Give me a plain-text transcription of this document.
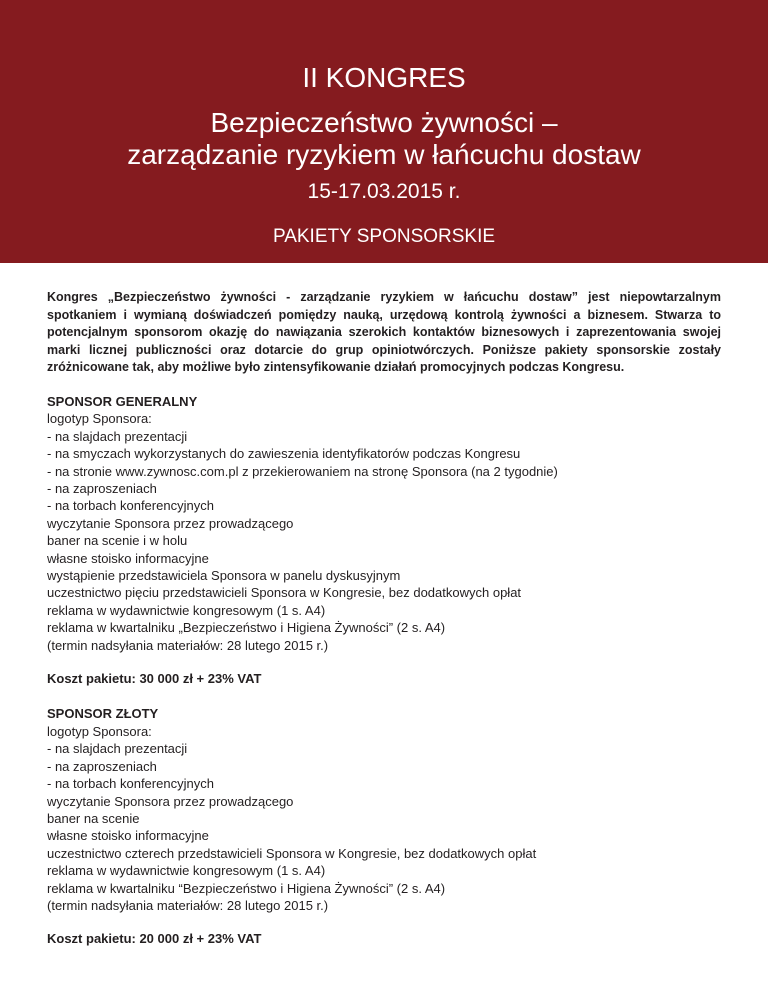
II KONGRES
Bezpieczeństwo żywności –
zarządzanie ryzykiem w łańcuchu dostaw
15-17.03.2015 r.
PAKIETY SPONSORSKIE

Kongres „Bezpieczeństwo żywności - zarządzanie ryzykiem w łańcuchu dostaw” jest niepowtarzalnym spotkaniem i wymianą doświadczeń pomiędzy nauką, urzędową kontrolą żywności a biznesem. Stwarza to potencjalnym sponsorom okazję do nawiązania szerokich kontaktów biznesowych i zaprezentowania swojej marki licznej publiczności oraz dotarcie do grup opiniotwórczych. Poniższe pakiety sponsorskie zostały zróżnicowane tak, aby możliwe było zintensyfikowanie działań promocyjnych podczas Kongresu.

SPONSOR GENERALNY
logotyp Sponsora:
- na slajdach prezentacji
- na smyczach wykorzystanych do zawieszenia identyfikatorów podczas Kongresu
- na stronie www.zywnosc.com.pl z przekierowaniem na stronę Sponsora (na 2 tygodnie)
- na zaproszeniach
- na torbach konferencyjnych
wyczytanie Sponsora przez prowadzącego
baner na scenie i w holu
własne stoisko informacyjne
wystąpienie przedstawiciela Sponsora w panelu dyskusyjnym
uczestnictwo pięciu przedstawicieli Sponsora w Kongresie, bez dodatkowych opłat
reklama w wydawnictwie kongresowym (1 s. A4)
reklama w kwartalniku „Bezpieczeństwo i Higiena Żywności” (2 s. A4)
(termin nadsyłania materiałów: 28 lutego 2015 r.)
Koszt pakietu: 30 000 zł + 23% VAT
SPONSOR ZŁOTY
logotyp Sponsora:
- na slajdach prezentacji
- na zaproszeniach
- na torbach konferencyjnych
wyczytanie Sponsora przez prowadzącego
baner na scenie
własne stoisko informacyjne
uczestnictwo czterech przedstawicieli Sponsora w Kongresie, bez dodatkowych opłat
reklama w wydawnictwie kongresowym (1 s. A4)
reklama w kwartalniku “Bezpieczeństwo i Higiena Żywności” (2 s. A4)
(termin nadsyłania materiałów: 28 lutego 2015 r.)
Koszt pakietu: 20 000 zł + 23% VAT
